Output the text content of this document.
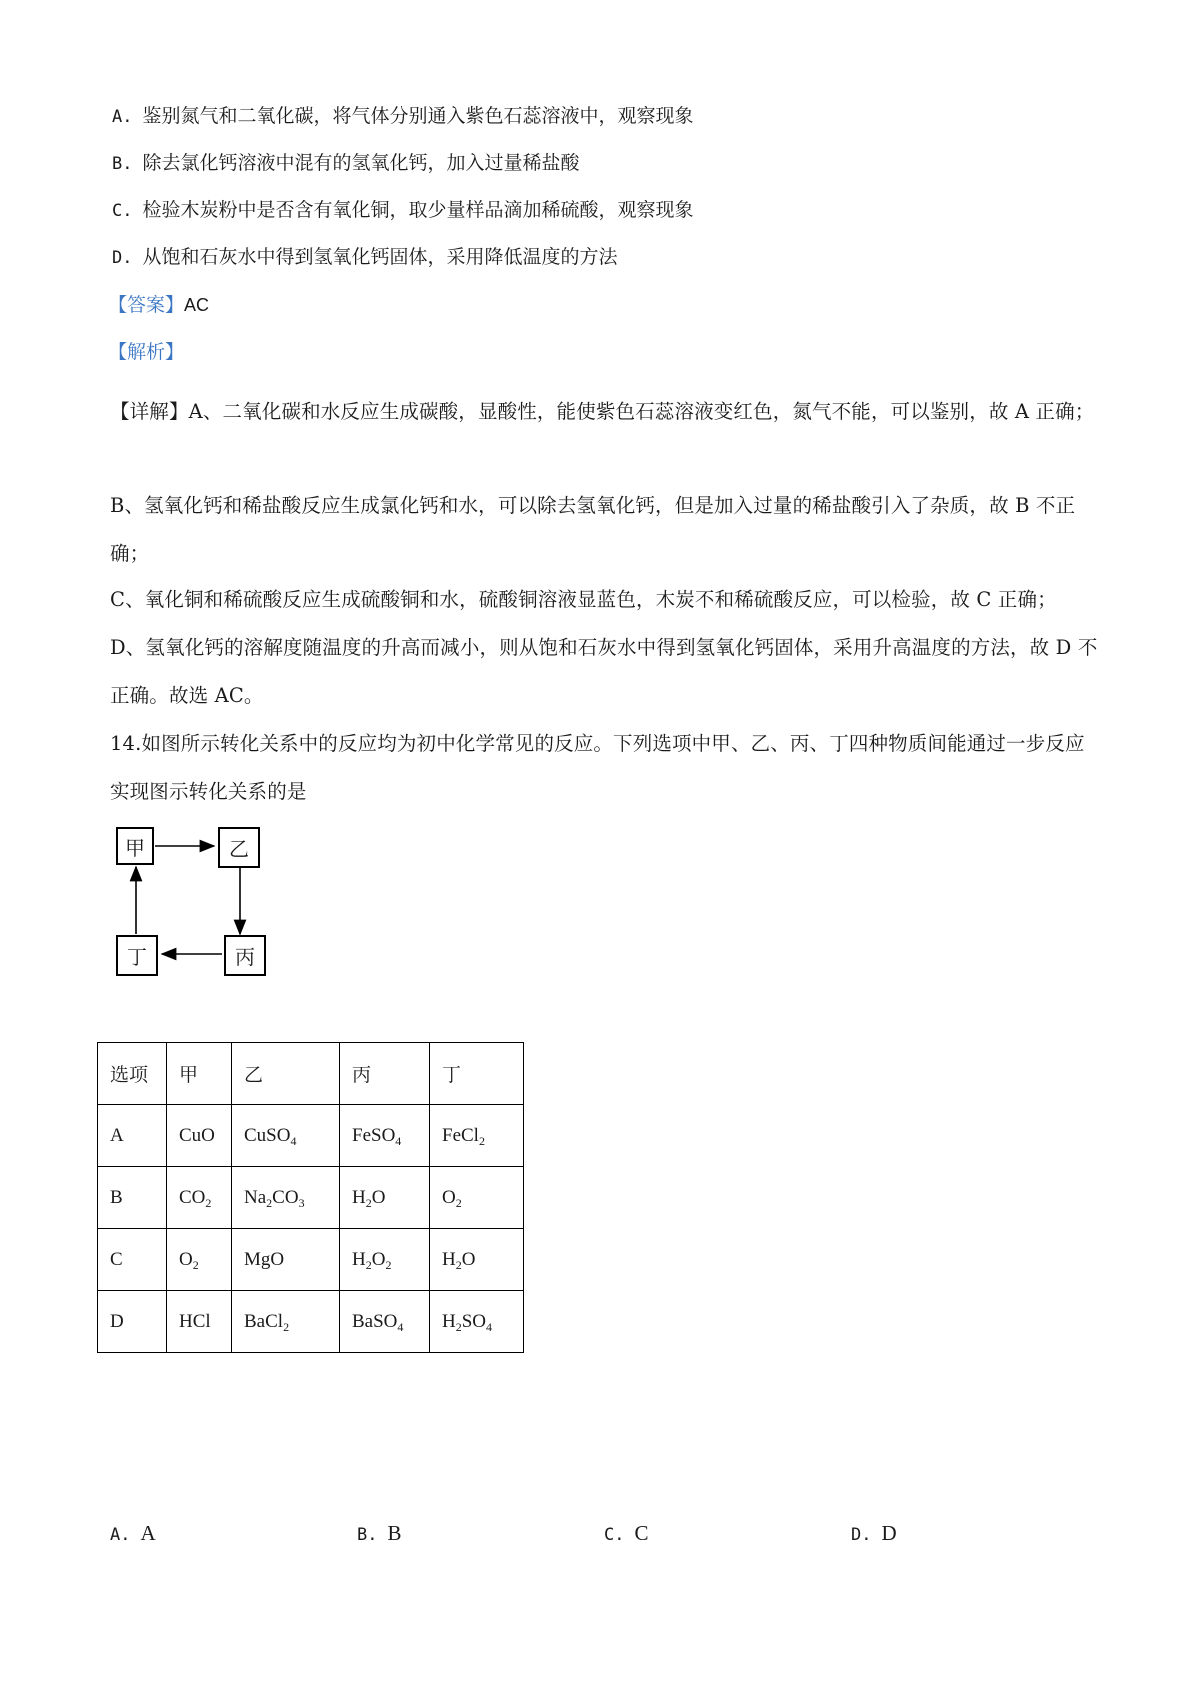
A. 鉴别氮气和二氧化碳，将气体分别通入紫色石蕊溶液中，观察现象
B. 除去氯化钙溶液中混有的氢氧化钙，加入过量稀盐酸
C. 检验木炭粉中是否含有氧化铜，取少量样品滴加稀硫酸，观察现象
D. 从饱和石灰水中得到氢氧化钙固体，采用降低温度的方法
【答案】AC
【解析】
【详解】A、二氧化碳和水反应生成碳酸，显酸性，能使紫色石蕊溶液变红色，氮气不能，可以鉴别，故 A 正确；
B、氢氧化钙和稀盐酸反应生成氯化钙和水，可以除去氢氧化钙，但是加入过量的稀盐酸引入了杂质，故 B 不正确；
C、氧化铜和稀硫酸反应生成硫酸铜和水，硫酸铜溶液显蓝色，木炭不和稀硫酸反应，可以检验，故 C 正确；
D、氢氧化钙的溶解度随温度的升高而减小，则从饱和石灰水中得到氢氧化钙固体，采用升高温度的方法，故 D 不正确。故选 AC。
14.如图所示转化关系中的反应均为初中化学常见的反应。下列选项中甲、乙、丙、丁四种物质间能通过一步反应实现图示转化关系的是
甲	乙
丁	丙
选项	甲	乙	丙	丁
A	CuO	CuSO$_4$	FeSO$_4$	FeCl$_2$
B	$CO_2$	$Na_2CO_3$	$H_2O$	$O_2$
C	$O_2$	MgO	$H_2O_2$	$H_2O$
D	HCl	BaCl$_2$	BaSO$_4$	$H_2SO_4$
A. A	B. B	C. C	D. D
